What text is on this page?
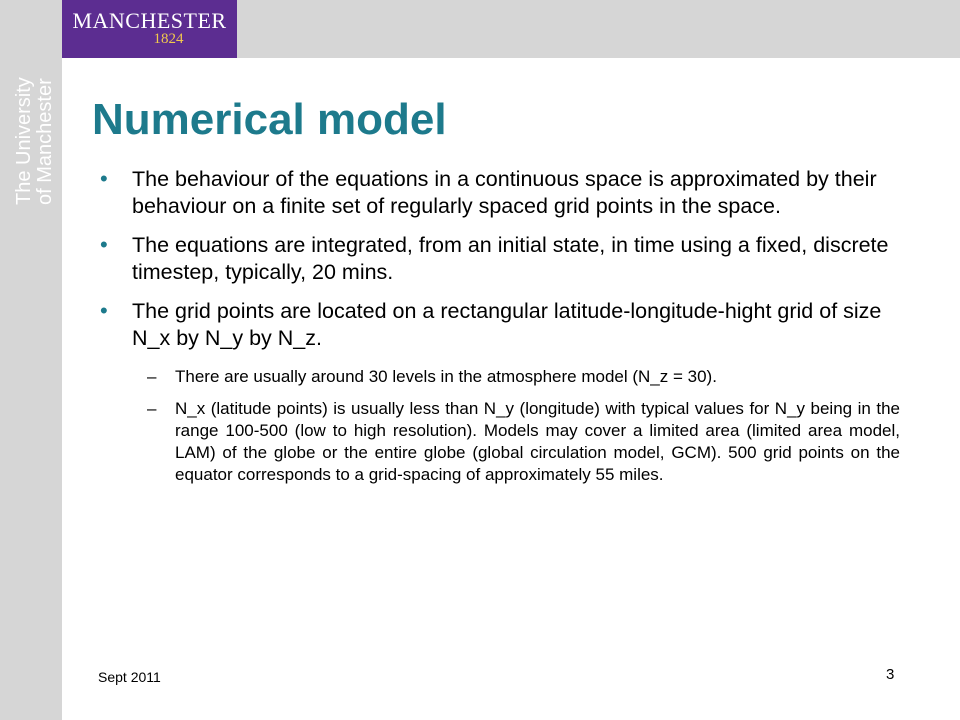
The University of Manchester
MANCHESTER
1824
Numerical model
• The behaviour of the equations in a continuous space is approximated by their behaviour on a finite set of regularly spaced grid points in the space.
• The equations are integrated, from an initial state, in time using a fixed, discrete timestep, typically, 20 mins.
• The grid points are located on a rectangular latitude-longitude-hight grid of size N_x by N_y by N_z.
– There are usually around 30 levels in the atmosphere model (N_z = 30).
– N_x (latitude points) is usually less than N_y (longitude) with typical values for N_y being in the range 100-500 (low to high resolution). Models may cover a limited area (limited area model, LAM) of the globe or the entire globe (global circulation model, GCM). 500 grid points on the equator corresponds to a grid-spacing of approximately 55 miles.
Sept 2011	3
